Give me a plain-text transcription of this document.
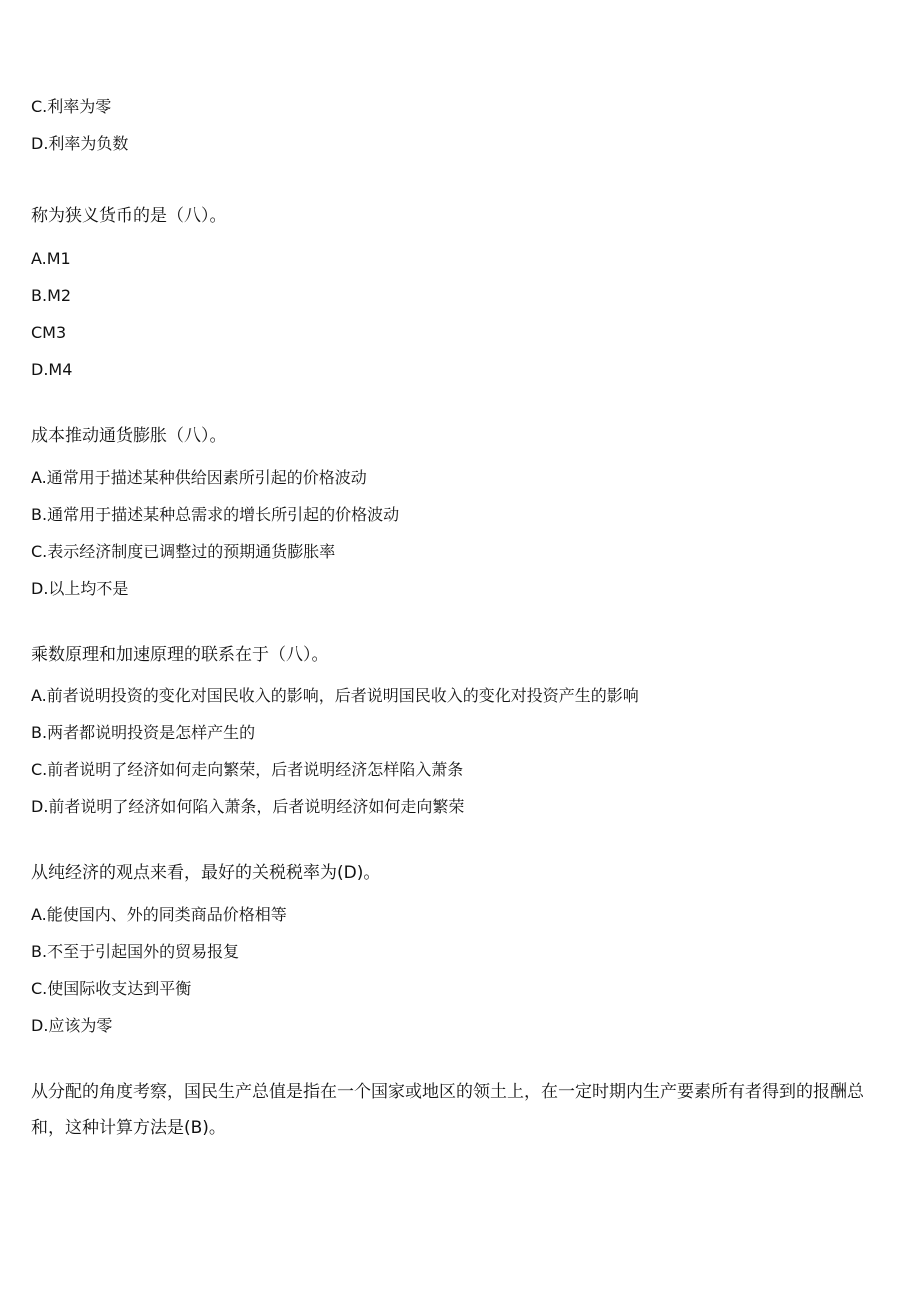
C.利率为零
D.利率为负数
称为狭义货币的是（八）。
A.M1
B.M2
CM3
D.M4
成本推动通货膨胀（八）。
A.通常用于描述某种供给因素所引起的价格波动
B.通常用于描述某种总需求的增长所引起的价格波动
C.表示经济制度已调整过的预期通货膨胀率
D.以上均不是
乘数原理和加速原理的联系在于（八）。
A.前者说明投资的变化对国民收入的影响，后者说明国民收入的变化对投资产生的影响
B.两者都说明投资是怎样产生的
C.前者说明了经济如何走向繁荣，后者说明经济怎样陷入萧条
D.前者说明了经济如何陷入萧条，后者说明经济如何走向繁荣
从纯经济的观点来看，最好的关税税率为(D)。
A.能使国内、外的同类商品价格相等
B.不至于引起国外的贸易报复
C.使国际收支达到平衡
D.应该为零
从分配的角度考察，国民生产总值是指在一个国家或地区的领土上，在一定时期内生产要素所有者得到的报酬总和，这种计算方法是(B)。
